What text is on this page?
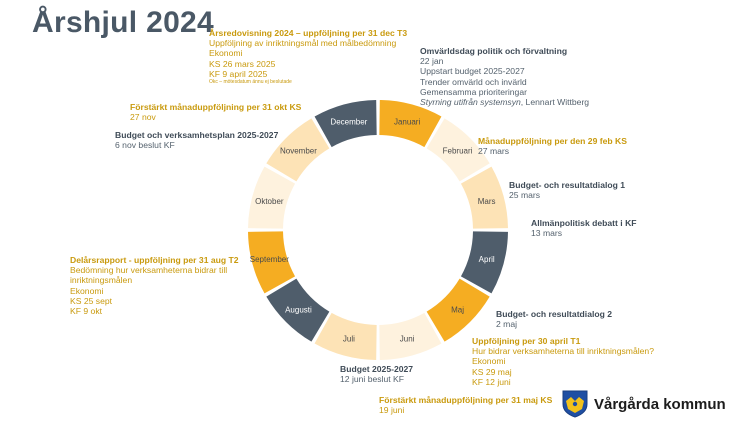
Årshjul 2024
Januari
Februari
Mars
April
Maj
Juni
Juli
Augusti
September
Oktober
November
December
Årsredovisning 2024 – uppföljning per 31 dec T3
Uppföljning av inriktningsmål med målbedömning
Ekonomi
KS 26 mars 2025
KF 9 april 2025
Okc – mötesdatum ännu ej beslutade
Omvärldsdag politik och förvaltning
22 jan
Uppstart budget 2025-2027
Trender omvärld och invärld
Gemensamma prioriteringar
Styrning utifrån systemsyn, Lennart Wittberg
Månaduppföljning per den 29 feb KS
27 mars
Budget- och resultatdialog 1
25 mars
Allmänpolitisk debatt i KF
13 mars
Budget- och resultatdialog 2
2 maj
Uppföljning per 30 april T1
Hur bidrar verksamheterna till inriktningsmålen?
Ekonomi
KS 29 maj
KF 12 juni
Budget 2025-2027
12 juni beslut KF
Förstärkt månaduppföljning per 31 maj KS
19 juni
Delårsrapport - uppföljning per 31 aug T2
Bedömning hur verksamheterna bidrar till
inriktningsmålen
Ekonomi
KS 25 sept
KF 9 okt
Budget och verksamhetsplan 2025-2027
6 nov beslut KF
Förstärkt månaduppföljning per 31 okt KS
27 nov
Vårgårda kommun
